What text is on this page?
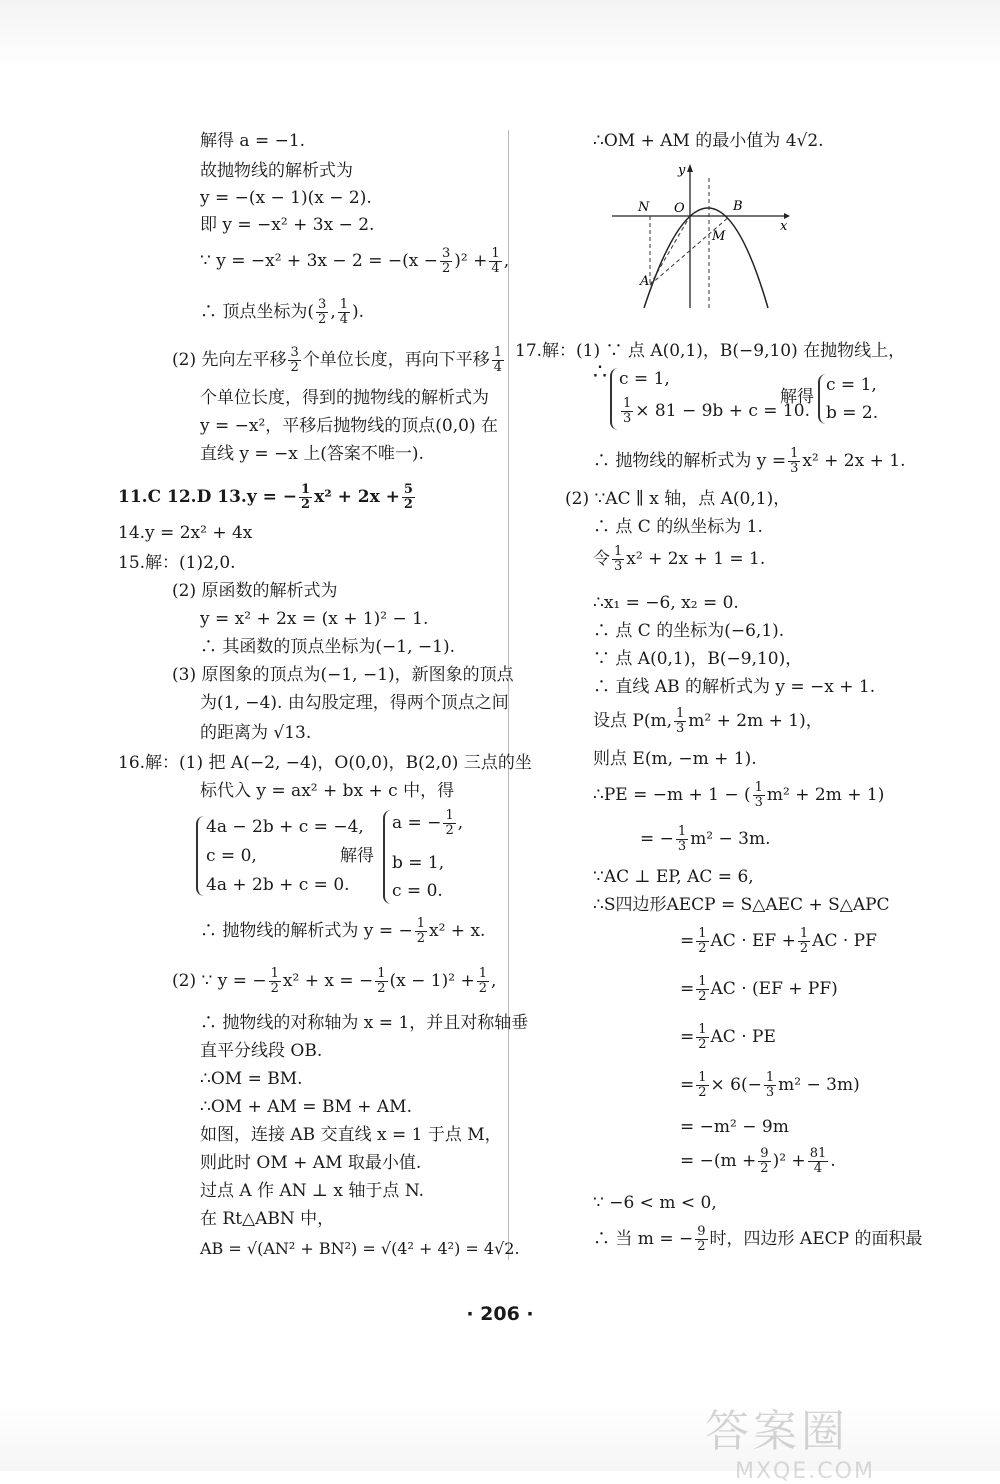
解得 a = −1.
故抛物线的解析式为
y = −(x − 1)(x − 2).
即 y = −x² + 3x − 2.
∵ $y = -x^2 + 3x - 2 = -(x - \frac{3}{2} )^2 + \frac{1}{4}$ ,
∴ 顶点坐标为( $\frac{3}{2}$ , $\frac{1}{4}$ ).
(2) 先向左平移 $\frac{3}{2}$ 个单位长度，再向下平移 $\frac{1}{4}$
个单位长度，得到的抛物线的解析式为
y = −x²，平移后抛物线的顶点(0,0) 在
直线 y = −x 上(答案不唯一).
11.C 12.D 13.y = − $\frac{1}{2} x^2 + 2x + \frac{5}{2}$
14.y = 2x² + 4x
15.解：(1)2,0.
(2) 原函数的解析式为
y = x² + 2x = (x + 1)² − 1.
∴ 其函数的顶点坐标为(−1, −1).
(3) 原图象的顶点为(−1, −1)，新图象的顶点
为(1, −4). 由勾股定理，得两个顶点之间
的距离为 √13.
16.解：(1) 把 A(−2, −4)，O(0,0)，B(2,0) 三点的坐
标代入 y = ax² + bx + c 中，得
4a − 2b + c = −4,
c = 0,
4a + 2b + c = 0.
解得
a = − $\frac{1}{2}$ ,
b = 1,
c = 0.
∴ 抛物线的解析式为 y = − $\frac{1}{2} x^2 + x$.
(2) ∵ y = − $\frac{1}{2} x^2 + x$ = − $\frac{1}{2} (x - 1)^2 + \frac{1}{2}$ ,
∴ 抛物线的对称轴为 x = 1，并且对称轴垂
直平分线段 OB.
∴OM = BM.
∴OM + AM = BM + AM.
如图，连接 AB 交直线 x = 1 于点 M，
则此时 OM + AM 取最小值.
过点 A 作 AN ⊥ x 轴于点 N.
在 Rt△ABN 中，
AB = √(AN² + BN²) = √(4² + 4²) = 4√2.
∴OM + AM 的最小值为 4√2.
y
x
N O	B
M
A
17.解：(1) ∵ 点 A(0,1)，B(−9,10) 在抛物线上，
∴ c = 1,
$\frac{1}{3} \times 81 - 9b + c = 10$.
解得
c = 1,
b = 2.
∴ 抛物线的解析式为 $y = \frac{1}{3} x^2 + 2x + 1$.
(2) ∵AC ∥ x 轴，点 A(0,1)，
∴ 点 C 的纵坐标为 1.
令 $\frac{1}{3} x^2 + 2x + 1 = 1$.
∴x₁ = −6, x₂ = 0.
∴ 点 C 的坐标为(−6,1).
∵ 点 A(0,1)，B(−9,10)，
∴ 直线 AB 的解析式为 y = −x + 1.
设点 P(m, $\frac{1}{3} m^2 + 2m + 1$)，
则点 E(m, −m + 1).
∴PE = −m + 1 − ( $\frac{1}{3} m^2 + 2m + 1$)
= − $\frac{1}{3} m^2 - 3m$.
∵AC ⊥ EP, AC = 6,
∴S四边形AECP = S△AEC + S△APC
= $\frac{1}{2}$ AC · EF + $\frac{1}{2}$ AC · PF
= $\frac{1}{2}$ AC · (EF + PF)
= $\frac{1}{2}$ AC · PE
= $\frac{1}{2} \times 6(- \frac{1}{3} m^2 - 3m)$
= −m² − 9m
= $-(m + \frac{9}{2} )^2 + \frac{81}{4}$ .
∵ −6 < m < 0,
∴ 当 m = − $\frac{9}{2}$ 时，四边形 AECP 的面积最
· 206 ·
答案圈
MXQE.COM
